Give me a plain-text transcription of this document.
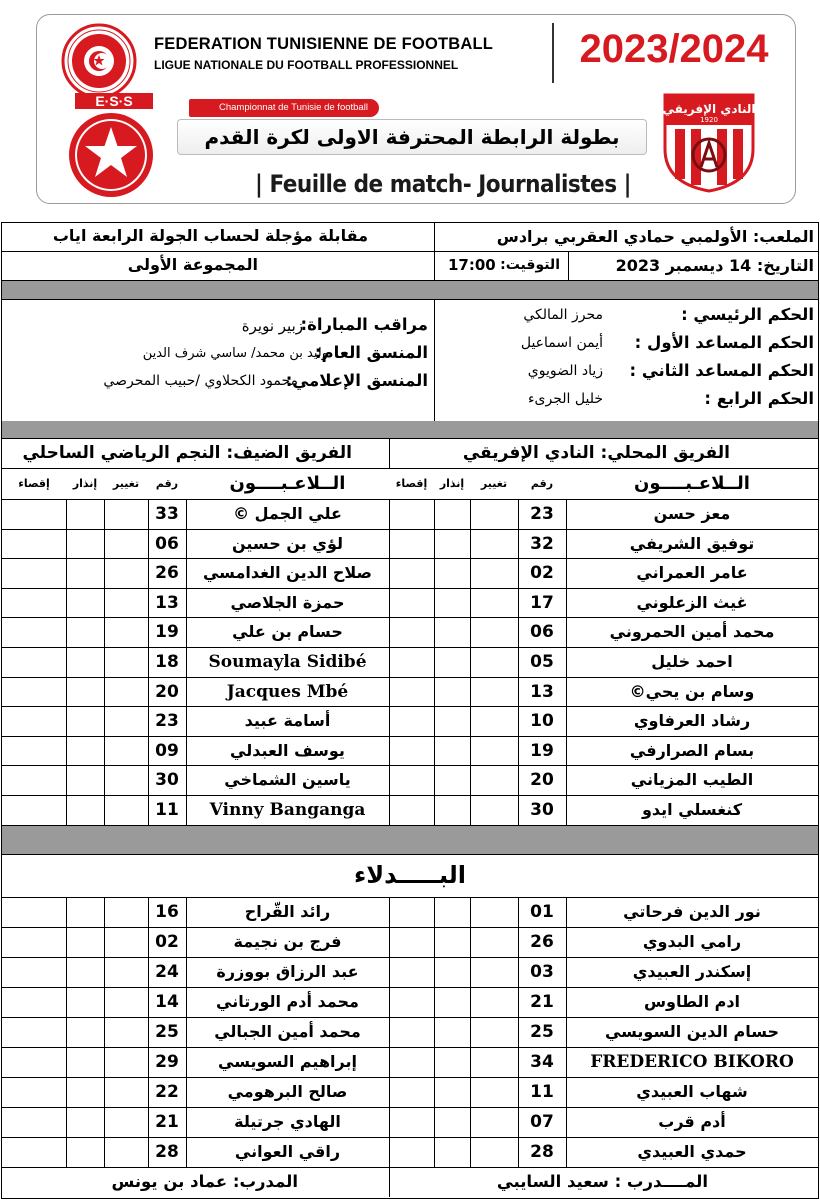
FEDERATION TUNISIENNE DE FOOTBALL
LIGUE NATIONALE DU FOOTBALL PROFESSIONNEL	2023/2024
E·S·S	Championnat de Tunisie de football
بطولة الرابطة المحترفة الاولى لكرة القدم
| Feuille de match- Journalistes |
النادي الإفريقي
1920
الملعب: الأولمبي حمادي العقربي برادس
مقابلة مؤجلة لحساب الجولة الرابعة اياب
التاريخ: 14 ديسمبر 2023
التوقيت:
17:00
المجموعة الأولى
الحكم الرئيسي :
محرز المالكي
الحكم المساعد الأول :
أيمن اسماعيل
الحكم المساعد الثاني :
زياد الضويوي
الحكم الرابع :
خليل الجرىء
مراقب المباراة:
زبير نويرة
المنسق العام:
وليد بن محمد/ ساسي شرف الدين
المنسق الإعلامي:
محمود الكحلاوي /حبيب المحرصي
الفريق المحلي: النادي الإفريقي
الفريق الضيف: النجم الرياضي الساحلي
إقصاء	إنذار	تغيير	رقم	الــلاعـبــــون	إقصاء	إنذار	تغيير	رقم	الــلاعـبــــون
33	علي الجمل ©	23	معز حسن
06	لؤي بن حسين	32	توفيق الشريفي
26	صلاح الدين الغدامسي	02	عامر العمراني
13	حمزة الجلاصي	17	غيث الزعلوني
19	حسام بن علي	06	محمد أمين الحمروني
18	Soumayla Sidibé	05	احمد خليل
20	Jacques Mbé	13	وسام بن يحي©
23	أسامة عبيد	10	رشاد العرفاوي
09	يوسف العبدلي	19	بسام الصرارفي
30	ياسين الشماخي	20	الطيب المزياني
11	Vinny Banganga	30	كنغسلي ايدو
البـــــدلاء
16	رائد القّراح	01	نور الدين فرحاتي
02	فرج بن نجيمة	26	رامي البدوي
24	عبد الرزاق بووزرة	03	إسكندر العبيدي
14	محمد أدم الورتاني	21	ادم الطاوس
25	محمد أمين الجبالي	25	حسام الدين السويسي
29	إبراهيم السويسي	34	FREDERICO BIKORO
22	صالح البرهومي	11	شهاب العبيدي
21	الهادي جرتيلة	07	أدم قرب
28	راقي العواني	28	حمدي العبيدي
المــــدرب : سعيد السايبي
المدرب: عماد بن يونس
